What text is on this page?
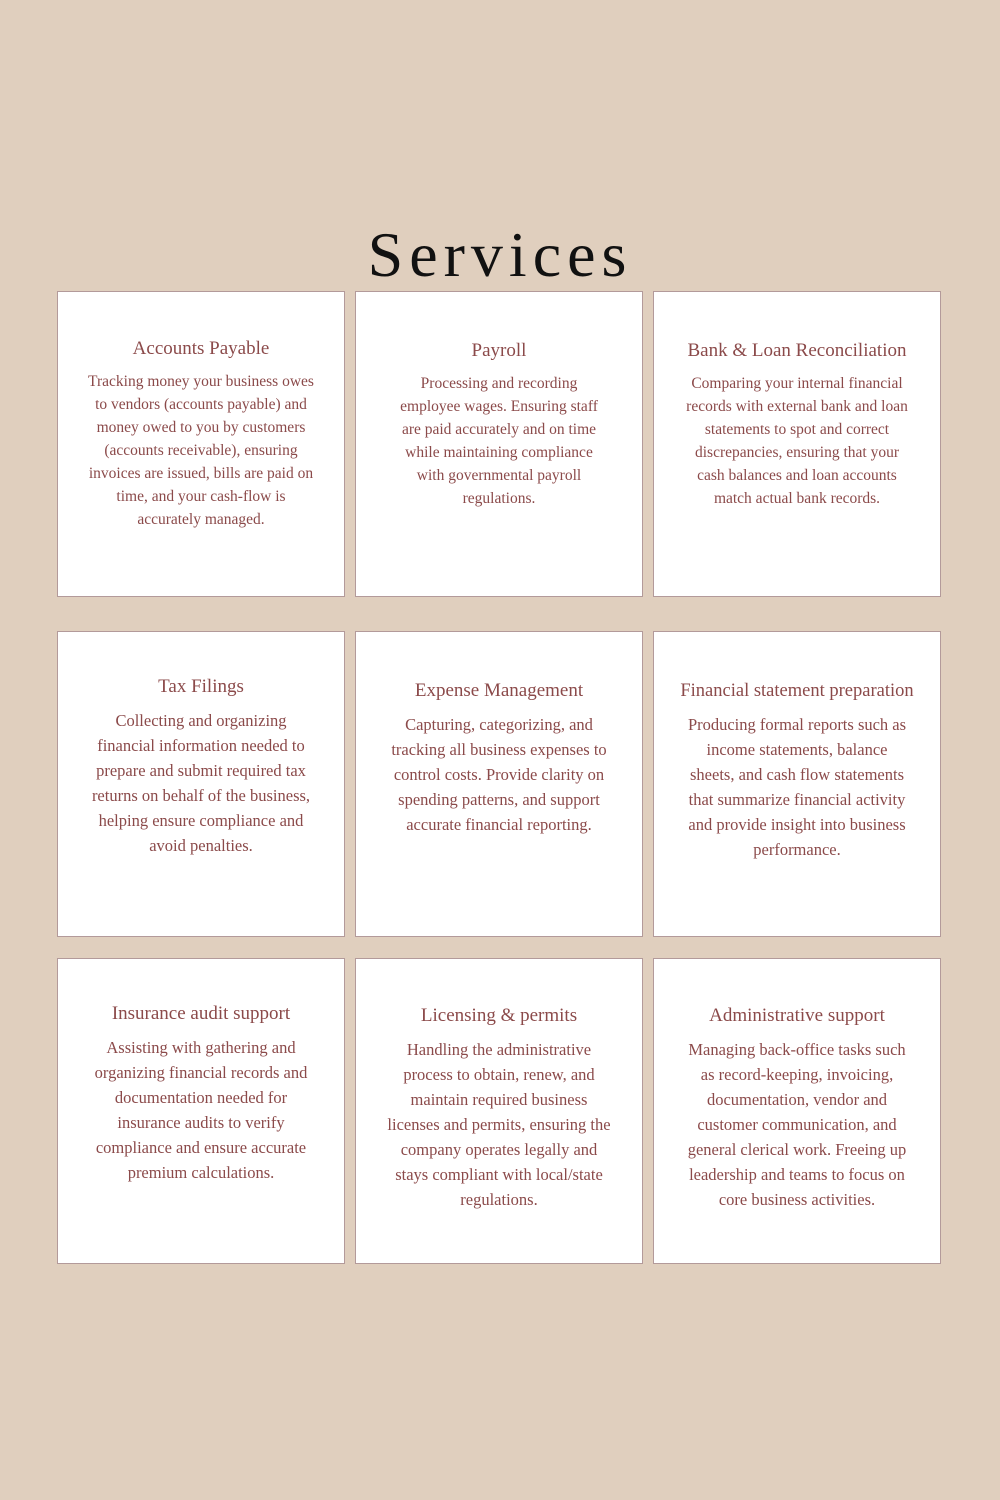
Services
Accounts Payable
Tracking money your business owes to vendors (accounts payable) and money owed to you by customers (accounts receivable), ensuring invoices are issued, bills are paid on time, and your cash-flow is accurately managed.
Payroll
Processing and recording employee wages. Ensuring staff are paid accurately and on time while maintaining compliance with governmental payroll regulations.
Bank & Loan Reconciliation
Comparing your internal financial records with external bank and loan statements to spot and correct discrepancies, ensuring that your cash balances and loan accounts match actual bank records.
Tax Filings
Collecting and organizing financial information needed to prepare and submit required tax returns on behalf of the business, helping ensure compliance and avoid penalties.
Expense Management
Capturing, categorizing, and tracking all business expenses to control costs. Provide clarity on spending patterns, and support accurate financial reporting.
Financial statement preparation
Producing formal reports such as income statements, balance sheets, and cash flow statements that summarize financial activity and provide insight into business performance.
Insurance audit support
Assisting with gathering and organizing financial records and documentation needed for insurance audits to verify compliance and ensure accurate premium calculations.
Licensing & permits
Handling the administrative process to obtain, renew, and maintain required business licenses and permits, ensuring the company operates legally and stays compliant with local/state regulations.
Administrative support
Managing back-office tasks such as record-keeping, invoicing, documentation, vendor and customer communication, and general clerical work. Freeing up leadership and teams to focus on core business activities.
